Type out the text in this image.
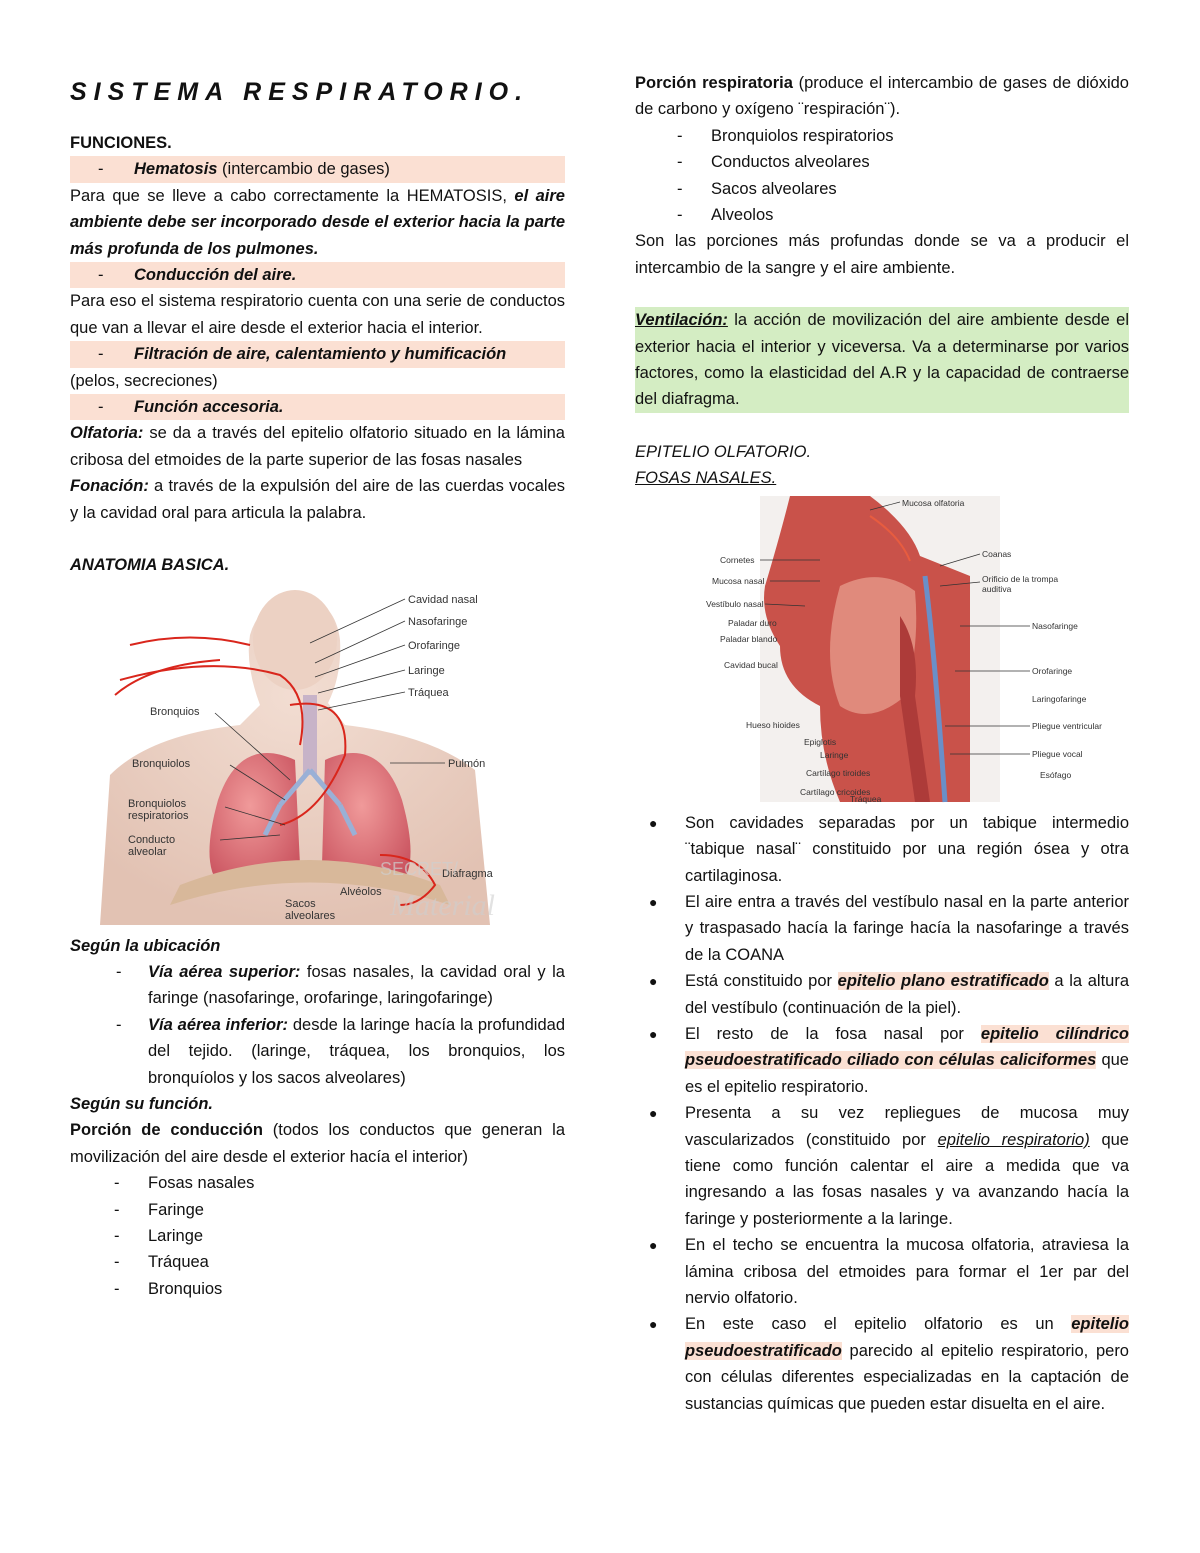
SISTEMA RESPIRATORIO.

FUNCIONES.

-	Hematosis (intercambio de gases)

Para que se lleve a cabo correctamente la HEMATOSIS, el aire ambiente debe ser incorporado desde el exterior hacia la parte más profunda de los pulmones.

-	Conducción del aire.

Para eso el sistema respiratorio cuenta con una serie de conductos que van a llevar el aire desde el exterior hacia el interior.

-	Filtración de aire, calentamiento y humificación

(pelos, secreciones)

-	Función accesoria.

Olfatoria: se da a través del epitelio olfatorio situado en la lámina cribosa del etmoides de la parte superior de las fosas nasales

Fonación: a través de la expulsión del aire de las cuerdas vocales y la cavidad oral para articula la palabra.

ANATOMIA BASICA.

Cavidad nasal
Nasofaringe
Orofaringe
Laringe
Tráquea
Bronquios
Bronquiolos	Pulmón
Bronquiolos
respiratorios
Conducto
alveolar
Diafragma
Alvéolos
Sacos
alveolares
SECRET/
Material

Según la ubicación

-	Vía aérea superior: fosas nasales, la cavidad oral y la faringe (nasofaringe, orofaringe, laringofaringe)
-	Vía aérea inferior: desde la laringe hacía la profundidad del tejido. (laringe, tráquea, los bronquios, los bronquíolos y los sacos alveolares)

Según su función.

Porción de conducción (todos los conductos que generan la movilización del aire desde el exterior hacía el interior)

-	Fosas nasales
-	Faringe
-	Laringe
-	Tráquea
-	Bronquios

Porción respiratoria (produce el intercambio de gases de dióxido de carbono y oxígeno ¨respiración¨).

-	Bronquiolos respiratorios
-	Conductos alveolares
-	Sacos alveolares
-	Alveolos

Son las porciones más profundas donde se va a producir el intercambio de la sangre y el aire ambiente.

Ventilación: la acción de movilización del aire ambiente desde el exterior hacia el interior y viceversa. Va a determinarse por varios factores, como la elasticidad del A.R y la capacidad de contraerse del diafragma.

EPITELIO OLFATORIO.

FOSAS NASALES.

Mucosa olfatoria
Cornetes
Coanas
Mucosa nasal	Orificio de la trompa
auditiva
Vestíbulo nasal
Paladar duro	Nasofaringe
Paladar blando
Cavidad bucal
Orofaringe
Laringofaringe
Hueso hioides	Pliegue ventricular
Epiglotis
Laringe	Pliegue vocal
Cartílago tiroides	Esófago
Cartílago cricoides
Tráquea
●	Son cavidades separadas por un tabique intermedio ¨tabique nasal¨ constituido por una región ósea y otra cartilaginosa.
●	El aire entra a través del vestíbulo nasal en la parte anterior y traspasado hacía la faringe hacía la nasofaringe a través de la COANA
●	Está constituido por epitelio plano estratificado a la altura del vestíbulo (continuación de la piel).
●	El resto de la fosa nasal por epitelio cilíndrico pseudoestratificado ciliado con células caliciformes que es el epitelio respiratorio.
●	Presenta a su vez repliegues de mucosa muy vascularizados (constituido por epitelio respiratorio) que tiene como función calentar el aire a medida que va ingresando a las fosas nasales y va avanzando hacía la faringe y posteriormente a la laringe.
●	En el techo se encuentra la mucosa olfatoria, atraviesa la lámina cribosa del etmoides para formar el 1er par del nervio olfatorio.
●	En este caso el epitelio olfatorio es un epitelio pseudoestratificado parecido al epitelio respiratorio, pero con células diferentes especializadas en la captación de sustancias químicas que pueden estar disuelta en el aire.
